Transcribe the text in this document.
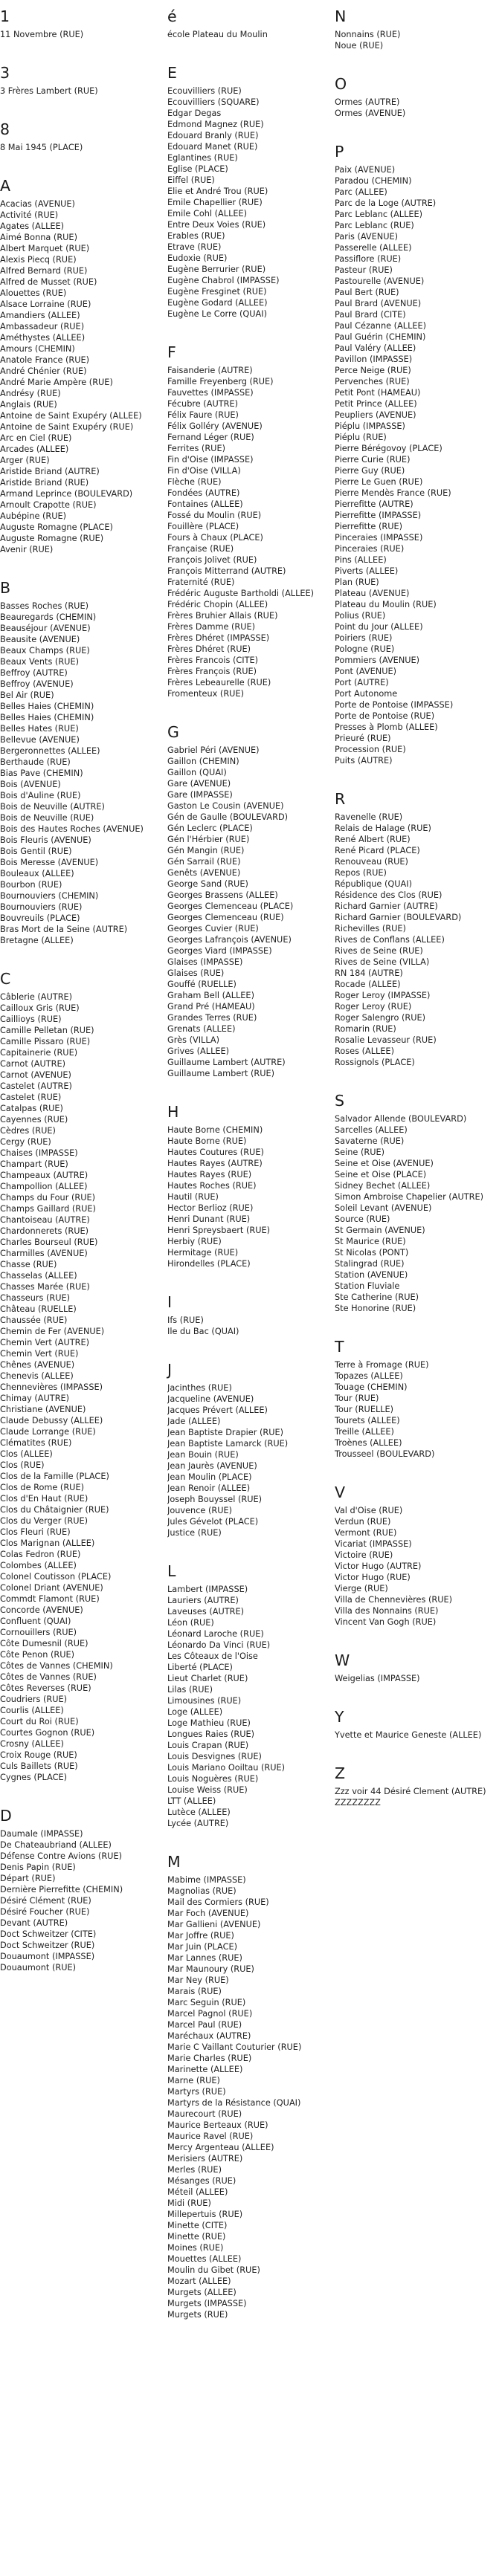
1
11 Novembre (RUE)
3
3 Frères Lambert (RUE)
8
8 Mai 1945 (PLACE)
A
Acacias (AVENUE)
Activité (RUE)
Agates (ALLEE)
Aimé Bonna (RUE)
Albert Marquet (RUE)
Alexis Piecq (RUE)
Alfred Bernard (RUE)
Alfred de Musset (RUE)
Alouettes (RUE)
Alsace Lorraine (RUE)
Amandiers (ALLEE)
Ambassadeur (RUE)
Améthystes (ALLEE)
Amours (CHEMIN)
Anatole France (RUE)
André Chénier (RUE)
André Marie Ampère (RUE)
Andrésy (RUE)
Anglais (RUE)
Antoine de Saint Exupéry (ALLEE)
Antoine de Saint Exupéry (RUE)
Arc en Ciel (RUE)
Arcades (ALLEE)
Arger (RUE)
Aristide Briand (AUTRE)
Aristide Briand (RUE)
Armand Leprince (BOULEVARD)
Arnoult Crapotte (RUE)
Aubépine (RUE)
Auguste Romagne (PLACE)
Auguste Romagne (RUE)
Avenir (RUE)
B
Basses Roches (RUE)
Beauregards (CHEMIN)
Beauséjour (AVENUE)
Beausite (AVENUE)
Beaux Champs (RUE)
Beaux Vents (RUE)
Beffroy (AUTRE)
Beffroy (AVENUE)
Bel Air (RUE)
Belles Haies (CHEMIN)
Belles Haies (CHEMIN)
Belles Hates (RUE)
Bellevue (AVENUE)
Bergeronnettes (ALLEE)
Berthaude (RUE)
Bias Pave (CHEMIN)
Bois (AVENUE)
Bois d'Auline (RUE)
Bois de Neuville (AUTRE)
Bois de Neuville (RUE)
Bois des Hautes Roches (AVENUE)
Bois Fleuris (AVENUE)
Bois Gentil (RUE)
Bois Meresse (AVENUE)
Bouleaux (ALLEE)
Bourbon (RUE)
Bournouviers (CHEMIN)
Bournouviers (RUE)
Bouvreuils (PLACE)
Bras Mort de la Seine (AUTRE)
Bretagne (ALLEE)
C
Câblerie (AUTRE)
Cailloux Gris (RUE)
Caillioys (RUE)
Camille Pelletan (RUE)
Camille Pissaro (RUE)
Capitainerie (RUE)
Carnot (AUTRE)
Carnot (AVENUE)
Castelet (AUTRE)
Castelet (RUE)
Catalpas (RUE)
Cayennes (RUE)
Cèdres (RUE)
Cergy (RUE)
Chaises (IMPASSE)
Champart (RUE)
Champeaux (AUTRE)
Champollion (ALLEE)
Champs du Four (RUE)
Champs Gaillard (RUE)
Chantoiseau (AUTRE)
Chardonnerets (RUE)
Charles Bourseul (RUE)
Charmilles (AVENUE)
Chasse (RUE)
Chasselas (ALLEE)
Chasses Marée (RUE)
Chasseurs (RUE)
Château (RUELLE)
Chaussée (RUE)
Chemin de Fer (AVENUE)
Chemin Vert (AUTRE)
Chemin Vert (RUE)
Chênes (AVENUE)
Chenevis (ALLEE)
Chennevières (IMPASSE)
Chimay (AUTRE)
Christiane (AVENUE)
Claude Debussy (ALLEE)
Claude Lorrange (RUE)
Clématites (RUE)
Clos (ALLEE)
Clos (RUE)
Clos de la Famille (PLACE)
Clos de Rome (RUE)
Clos d'En Haut (RUE)
Clos du Châtaignier (RUE)
Clos du Verger (RUE)
Clos Fleuri (RUE)
Clos Marignan (ALLEE)
Colas Fedron (RUE)
Colombes (ALLEE)
Colonel Coutisson (PLACE)
Colonel Driant (AVENUE)
Commdt Flamont (RUE)
Concorde (AVENUE)
Confluent (QUAI)
Cornouillers (RUE)
Côte Dumesnil (RUE)
Côte Penon (RUE)
Côtes de Vannes (CHEMIN)
Côtes de Vannes (RUE)
Côtes Reverses (RUE)
Coudriers (RUE)
Courlis (ALLEE)
Court du Roi (RUE)
Courtes Gognon (RUE)
Crosny (ALLEE)
Croix Rouge (RUE)
Culs Baillets (RUE)
Cygnes (PLACE)
D
Daumale (IMPASSE)
De Chateaubriand (ALLEE)
Défense Contre Avions (RUE)
Denis Papin (RUE)
Départ (RUE)
Dernière Pierrefitte (CHEMIN)
Désiré Clément (RUE)
Désiré Foucher (RUE)
Devant (AUTRE)
Doct Schweitzer (CITE)
Doct Schweitzer (RUE)
Douaumont (IMPASSE)
Douaumont (RUE)
é
école Plateau du Moulin
E
Ecouvilliers (RUE)
Ecouvilliers (SQUARE)
Edgar Degas
Edmond Magnez (RUE)
Edouard Branly (RUE)
Edouard Manet (RUE)
Eglantines (RUE)
Eglise (PLACE)
Eiffel (RUE)
Elie et André Trou (RUE)
Emile Chapellier (RUE)
Emile Cohl (ALLEE)
Entre Deux Voies (RUE)
Erables (RUE)
Etrave (RUE)
Eudoxie (RUE)
Eugène Berrurier (RUE)
Eugène Chabrol (IMPASSE)
Eugène Fresginet (RUE)
Eugène Godard (ALLEE)
Eugène Le Corre (QUAI)
F
Faisanderie (AUTRE)
Famille Freyenberg (RUE)
Fauvettes (IMPASSE)
Fécubre (AUTRE)
Félix Faure (RUE)
Félix Golléry (AVENUE)
Fernand Léger (RUE)
Ferrites (RUE)
Fin d'Oise (IMPASSE)
Fin d'Oise (VILLA)
Flèche (RUE)
Fondées (AUTRE)
Fontaines (ALLEE)
Fossé du Moulin (RUE)
Fouillère (PLACE)
Fours à Chaux (PLACE)
Française (RUE)
François Jolivet (RUE)
François Mitterrand (AUTRE)
Fraternité (RUE)
Frédéric Auguste Bartholdi (ALLEE)
Frédéric Chopin (ALLEE)
Frères Bruhier Allais (RUE)
Frères Damme (RUE)
Frères Dhéret (IMPASSE)
Frères Dhéret (RUE)
Frères Francois (CITE)
Frères François (RUE)
Frères Lebeaurelle (RUE)
Fromenteux (RUE)
G
Gabriel Péri (AVENUE)
Gaillon (CHEMIN)
Gaillon (QUAI)
Gare (AVENUE)
Gare (IMPASSE)
Gaston Le Cousin (AVENUE)
Gén de Gaulle (BOULEVARD)
Gén Leclerc (PLACE)
Gén l'Hérbier (RUE)
Gén Mangin (RUE)
Gén Sarrail (RUE)
Genêts (AVENUE)
George Sand (RUE)
Georges Brassens (ALLEE)
Georges Clemenceau (PLACE)
Georges Clemenceau (RUE)
Georges Cuvier (RUE)
Georges Lafrançois (AVENUE)
Georges Viard (IMPASSE)
Glaises (IMPASSE)
Glaises (RUE)
Gouffé (RUELLE)
Graham Bell (ALLEE)
Grand Pré (HAMEAU)
Grandes Terres (RUE)
Grenats (ALLEE)
Grès (VILLA)
Grives (ALLEE)
Guillaume Lambert (AUTRE)
Guillaume Lambert (RUE)
H
Haute Borne (CHEMIN)
Haute Borne (RUE)
Hautes Coutures (RUE)
Hautes Rayes (AUTRE)
Hautes Rayes (RUE)
Hautes Roches (RUE)
Hautil (RUE)
Hector Berlioz (RUE)
Henri Dunant (RUE)
Henri Spreysbaert (RUE)
Herbiy (RUE)
Hermitage (RUE)
Hirondelles (PLACE)
I
Ifs (RUE)
Ile du Bac (QUAI)
J
Jacinthes (RUE)
Jacqueline (AVENUE)
Jacques Prévert (ALLEE)
Jade (ALLEE)
Jean Baptiste Drapier (RUE)
Jean Baptiste Lamarck (RUE)
Jean Bouin (RUE)
Jean Jaurès (AVENUE)
Jean Moulin (PLACE)
Jean Renoir (ALLEE)
Joseph Bouyssel (RUE)
Jouvence (RUE)
Jules Gévelot (PLACE)
Justice (RUE)
L
Lambert (IMPASSE)
Lauriers (AUTRE)
Laveuses (AUTRE)
Léon (RUE)
Léonard Laroche (RUE)
Léonardo Da Vinci (RUE)
Les Côteaux de l'Oise
Liberté (PLACE)
Lieut Charlet (RUE)
Lilas (RUE)
Limousines (RUE)
Loge (ALLEE)
Loge Mathieu (RUE)
Longues Raies (RUE)
Louis Crapan (RUE)
Louis Desvignes (RUE)
Louis Mariano Ooiltau (RUE)
Louis Noguères (RUE)
Louise Weiss (RUE)
LTT (ALLEE)
Lutèce (ALLEE)
Lycée (AUTRE)
M
Mabime (IMPASSE)
Magnolias (RUE)
Mail des Cormiers (RUE)
Mar Foch (AVENUE)
Mar Gallieni (AVENUE)
Mar Joffre (RUE)
Mar Juin (PLACE)
Mar Lannes (RUE)
Mar Maunoury (RUE)
Mar Ney (RUE)
Marais (RUE)
Marc Seguin (RUE)
Marcel Pagnol (RUE)
Marcel Paul (RUE)
Maréchaux (AUTRE)
Marie C Vaillant Couturier (RUE)
Marie Charles (RUE)
Marinette (ALLEE)
Marne (RUE)
Martyrs (RUE)
Martyrs de la Résistance (QUAI)
Maurecourt (RUE)
Maurice Berteaux (RUE)
Maurice Ravel (RUE)
Mercy Argenteau (ALLEE)
Merisiers (AUTRE)
Merles (RUE)
Mésanges (RUE)
Méteil (ALLEE)
Midi (RUE)
Millepertuis (RUE)
Minette (CITE)
Minette (RUE)
Moines (RUE)
Mouettes (ALLEE)
Moulin du Gibet (RUE)
Mozart (ALLEE)
Murgets (ALLEE)
Murgets (IMPASSE)
Murgets (RUE)
N
Nonnains (RUE)
Noue (RUE)
O
Ormes (AUTRE)
Ormes (AVENUE)
P
Paix (AVENUE)
Paradou (CHEMIN)
Parc (ALLEE)
Parc de la Loge (AUTRE)
Parc Leblanc (ALLEE)
Parc Leblanc (RUE)
Paris (AVENUE)
Passerelle (ALLEE)
Passiflore (RUE)
Pasteur (RUE)
Pastourelle (AVENUE)
Paul Bert (RUE)
Paul Brard (AVENUE)
Paul Brard (CITE)
Paul Cézanne (ALLEE)
Paul Guérin (CHEMIN)
Paul Valéry (ALLEE)
Pavillon (IMPASSE)
Perce Neige (RUE)
Pervenches (RUE)
Petit Pont (HAMEAU)
Petit Prince (ALLEE)
Peupliers (AVENUE)
Piéplu (IMPASSE)
Piéplu (RUE)
Pierre Bérégovoy (PLACE)
Pierre Curie (RUE)
Pierre Guy (RUE)
Pierre Le Guen (RUE)
Pierre Mendès France (RUE)
Pierrefitte (AUTRE)
Pierrefitte (IMPASSE)
Pierrefitte (RUE)
Pinceraies (IMPASSE)
Pinceraies (RUE)
Pins (ALLEE)
Piverts (ALLEE)
Plan (RUE)
Plateau (AVENUE)
Plateau du Moulin (RUE)
Polius (RUE)
Point du Jour (ALLEE)
Poiriers (RUE)
Pologne (RUE)
Pommiers (AVENUE)
Pont (AVENUE)
Port (AUTRE)
Port Autonome
Porte de Pontoise (IMPASSE)
Porte de Pontoise (RUE)
Presses à Plomb (ALLEE)
Prieuré (RUE)
Procession (RUE)
Puits (AUTRE)
R
Ravenelle (RUE)
Relais de Halage (RUE)
René Albert (RUE)
René Picard (PLACE)
Renouveau (RUE)
Repos (RUE)
République (QUAI)
Résidence des Clos (RUE)
Richard Garnier (AUTRE)
Richard Garnier (BOULEVARD)
Richevilles (RUE)
Rives de Conflans (ALLEE)
Rives de Seine (RUE)
Rives de Seine (VILLA)
RN 184 (AUTRE)
Rocade (ALLEE)
Roger Leroy (IMPASSE)
Roger Leroy (RUE)
Roger Salengro (RUE)
Romarin (RUE)
Rosalie Levasseur (RUE)
Roses (ALLEE)
Rossignols (PLACE)
S
Salvador Allende (BOULEVARD)
Sarcelles (ALLEE)
Savaterne (RUE)
Seine (RUE)
Seine et Oise (AVENUE)
Seine et Oise (PLACE)
Sidney Bechet (ALLEE)
Simon Ambroise Chapelier (AUTRE)
Soleil Levant (AVENUE)
Source (RUE)
St Germain (AVENUE)
St Maurice (RUE)
St Nicolas (PONT)
Stalingrad (RUE)
Station (AVENUE)
Station Fluviale
Ste Catherine (RUE)
Ste Honorine (RUE)
T
Terre à Fromage (RUE)
Topazes (ALLEE)
Touage (CHEMIN)
Tour (RUE)
Tour (RUELLE)
Tourets (ALLEE)
Treille (ALLEE)
Troènes (ALLEE)
Trousseel (BOULEVARD)
V
Val d'Oise (RUE)
Verdun (RUE)
Vermont (RUE)
Vicariat (IMPASSE)
Victoire (RUE)
Victor Hugo (AUTRE)
Victor Hugo (RUE)
Vierge (RUE)
Villa de Chennevières (RUE)
Villa des Nonnains (RUE)
Vincent Van Gogh (RUE)
W
Weigelias (IMPASSE)
Y
Yvette et Maurice Geneste (ALLEE)
Z
Zzz voir 44 Désiré Clement (AUTRE)
ZZZZZZZZ
